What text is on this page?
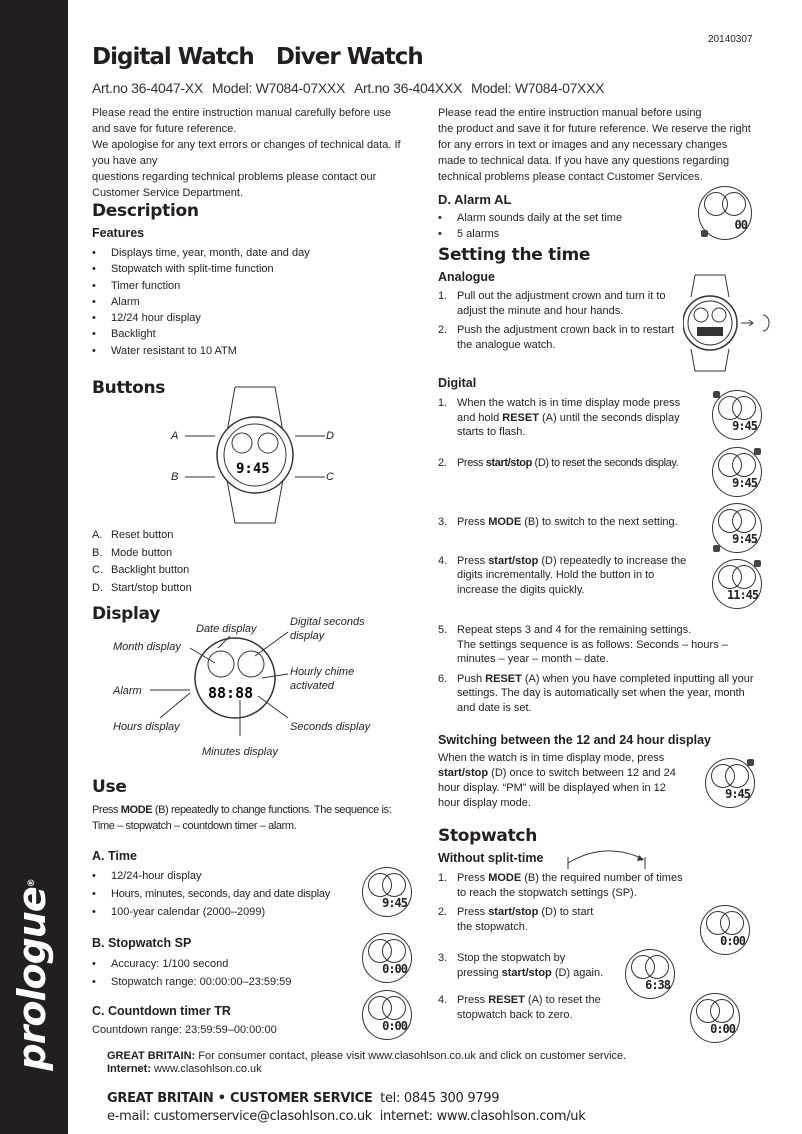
prologue®
20140307
Digital Watch Diver Watch
Art.no 36-4047-XX Model: W7084-07XXX Art.no 36-404XXX Model: W7084-07XXX
Please read the entire instruction manual carefully before use and save for future reference.
We apologise for any text errors or changes of technical data. If you have any
questions regarding technical problems please contact our Customer Service Department.
Please read the entire instruction manual before using
the product and save it for future reference. We reserve the right
for any errors in text or images and any necessary changes
made to technical data. If you have any questions regarding
technical problems please contact Customer Services.
D. Alarm AL
• Alarm sounds daily at the set time
• 5 alarms
00
Setting the time
Analogue
1. Pull out the adjustment crown and turn it to adjust the minute and hour hands.
2. Push the adjustment crown back in to restart the analogue watch.
Digital
1. When the watch is in time display mode press and hold RESET (A) until the seconds display starts to flash.
2. Press start/stop (D) to reset the seconds display.
3. Press MODE (B) to switch to the next setting.
4. Press start/stop (D) repeatedly to increase the digits incrementally. Hold the button in to increase the digits quickly.
5. Repeat steps 3 and 4 for the remaining settings.
The settings sequence is as follows: Seconds – hours – minutes – year – month – date.
6. Push RESET (A) when you have completed inputting all your settings. The day is automatically set when the year, month and date is set.
9:45
9:45
9:45
11:45
Switching between the 12 and 24 hour display
When the watch is in time display mode, press start/stop (D) once to switch between 12 and 24 hour display. “PM” will be displayed when in 12 hour display mode.
9:45
Stopwatch
Without split-time
1. Press MODE (B) the required number of times to reach the stopwatch settings (SP).
2. Press start/stop (D) to start the stopwatch.
3. Stop the stopwatch by pressing start/stop (D) again.
4. Press RESET (A) to reset the stopwatch back to zero.
0:00
6:38
0:00
Description
Features
• Displays time, year, month, date and day
• Stopwatch with split-time function
• Timer function
• Alarm
• 12/24 hour display
• Backlight
• Water resistant to 10 ATM
Buttons
9:45
A
B	C
D
A. Reset button
B. Mode button
C. Backlight button
D. Start/stop button
Display
88:88
Date display
Digital seconds display
Month display
Hourly chime activated
Alarm
Hours display	Seconds display
Minutes display
Use
Press MODE (B) repeatedly to change functions. The sequence is:
Time – stopwatch – countdown timer – alarm.
A. Time
• 12/24-hour display
• Hours, minutes, seconds, day and date display
• 100-year calendar (2000–2099)
9:45
B. Stopwatch SP
• Accuracy: 1/100 second
• Stopwatch range: 00:00:00–23:59:59
0:00
C. Countdown timer TR
0:00
Countdown range: 23:59:59–00:00:00
GREAT BRITAIN: For consumer contact, please visit www.clasohlson.co.uk and click on customer service.
Internet: www.clasohlson.co.uk
GREAT BRITAIN • CUSTOMER SERVICE tel: 0845 300 9799
e-mail: customerservice@clasohlson.co.uk internet: www.clasohlson.com/uk
